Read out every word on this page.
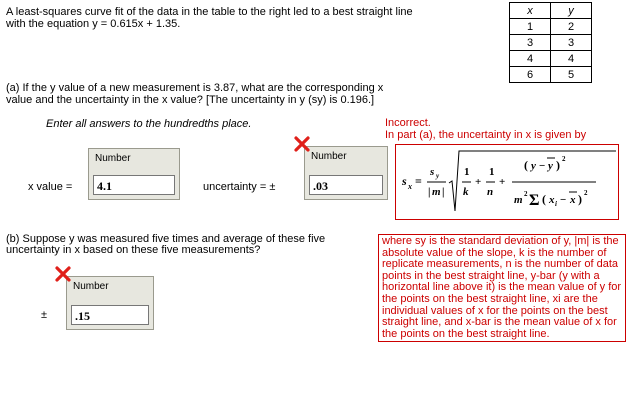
A least-squares curve fit of the data in the table to the right led to a best straight line
with the equation y = 0.615x + 1.35.
x	y
1	2
3	3
4	4
6	5
(a) If the y value of a new measurement is 3.87, what are the corresponding x
value and the uncertainty in the x value? [The uncertainty in y (sy) is 0.196.]
Enter all answers to the hundredths place.
x value =
Number
4.1	uncertainty = ±
Number
.03
Incorrect.
In part (a), the uncertainty in x is given by
s x =
s y
| m |
1
k
+
1
n
+
( y − y ) 2
m 2 Σ ( x i − x ) 2
where sy is the standard deviation of y, |m| is the absolute value of the slope, k is the number of replicate measurements, n is the number of data points in the best straight line, y-bar (y with a horizontal line above it) is the mean value of y for the points on the best straight line, xi are the individual values of x for the points on the best straight line, and x-bar is the mean value of x for the points on the best straight line.
(b) Suppose y was measured five times and average of these five
uncertainty in x based on these five measurements?
±
Number
.15
